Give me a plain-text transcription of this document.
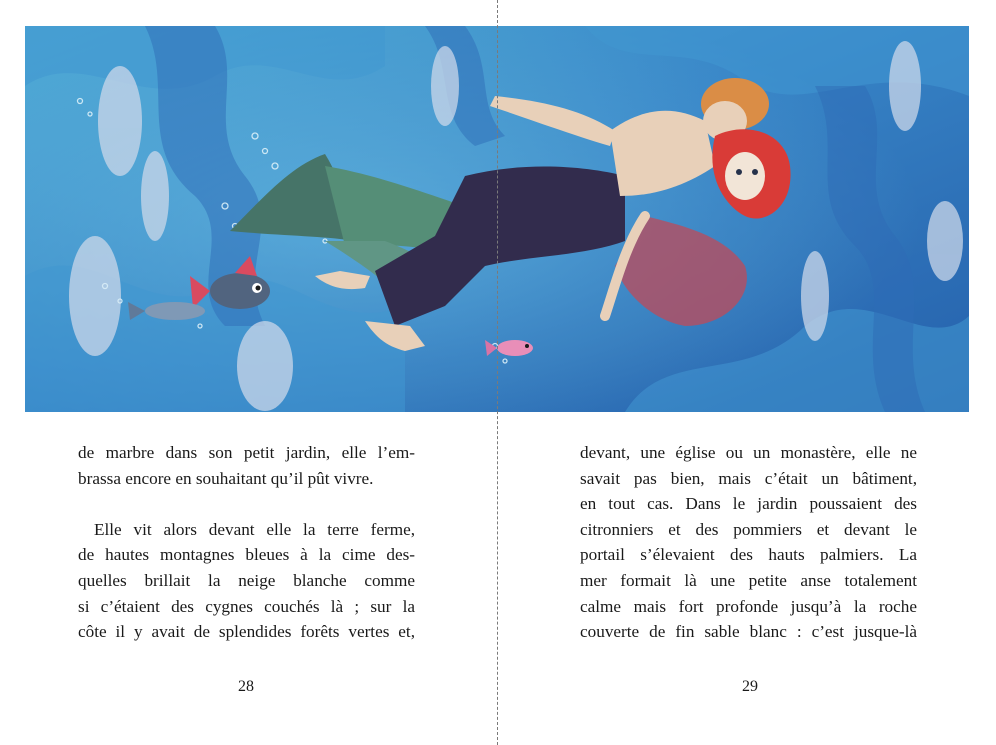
de marbre dans son petit jardin, elle l’em-
brassa encore en souhaitant qu’il pût vivre.

Elle vit alors devant elle la terre ferme,
de hautes montagnes bleues à la cime des-
quelles brillait la neige blanche comme
si c’étaient des cygnes couchés là ; sur la
côte il y avait de splendides forêts vertes et,

devant, une église ou un monastère, elle ne
savait pas bien, mais c’était un bâtiment,
en tout cas. Dans le jardin poussaient des
citronniers et des pommiers et devant le
portail s’élevaient des hauts palmiers. La
mer formait là une petite anse totalement
calme mais fort profonde jusqu’à la roche
couverte de fin sable blanc : c’est jusque-là

28	29
